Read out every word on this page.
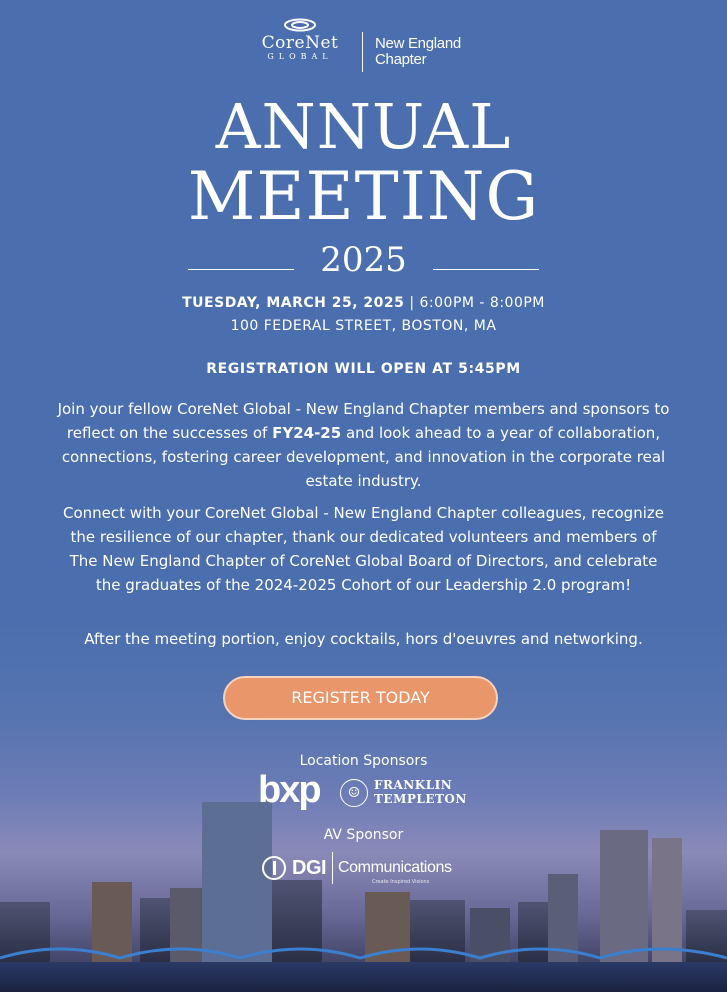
CoreNet
GLOBAL
New England
Chapter
ANNUAL
MEETING
2025
TUESDAY, MARCH 25, 2025 | 6:00PM - 8:00PM
100 FEDERAL STREET, BOSTON, MA
REGISTRATION WILL OPEN AT 5:45PM
Join your fellow CoreNet Global - New England Chapter members and sponsors to reflect on the successes of FY24-25 and look ahead to a year of collaboration, connections, fostering career development, and innovation in the corporate real estate industry.
Connect with your CoreNet Global - New England Chapter colleagues, recognize the resilience of our chapter, thank our dedicated volunteers and members of The New England Chapter of CoreNet Global Board of Directors, and celebrate the graduates of the 2024-2025 Cohort of our Leadership 2.0 program!
After the meeting portion, enjoy cocktails, hors d'oeuvres and networking.
REGISTER TODAY
Location Sponsors
bxp	☺	FRANKLIN
TEMPLETON
AV Sponsor
DGI Communications
Create Inspired Visions
